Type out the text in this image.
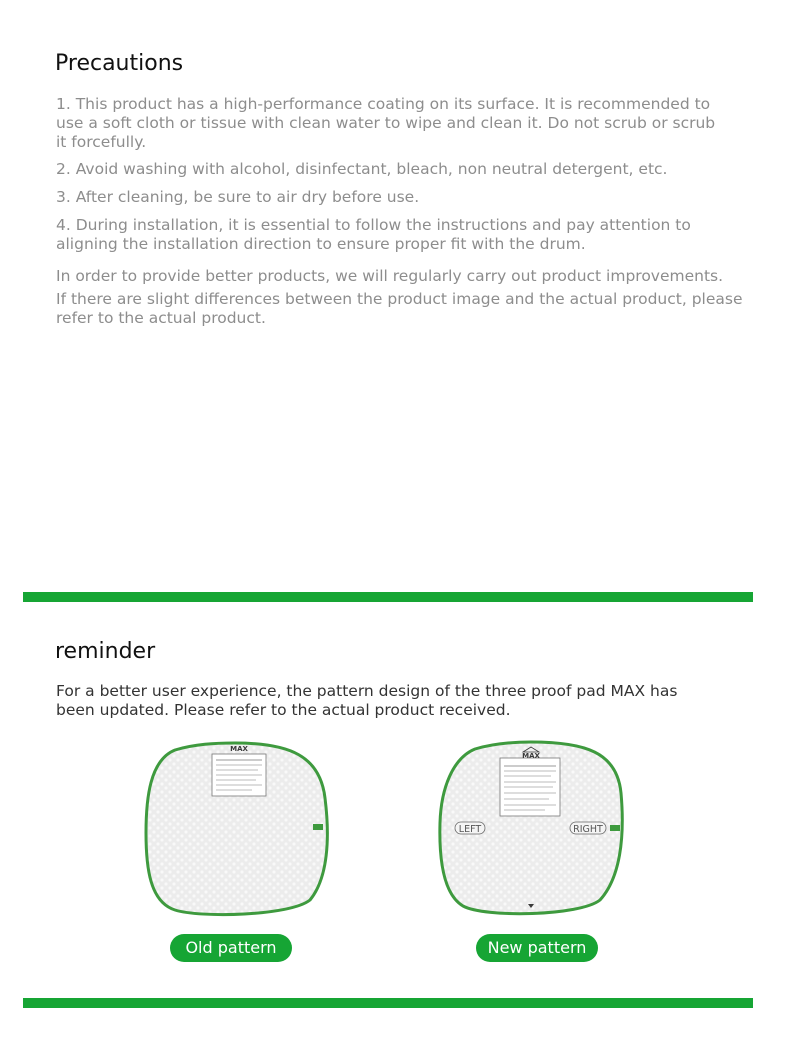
Precautions

1. This product has a high-performance coating on its surface. It is recommended to
use a soft cloth or tissue with clean water to wipe and clean it. Do not scrub or scrub
it forcefully.

2. Avoid washing with alcohol, disinfectant, bleach, non neutral detergent, etc.

3. After cleaning, be sure to air dry before use.

4. During installation, it is essential to follow the instructions and pay attention to
aligning the installation direction to ensure proper fit with the drum.

In order to provide better products, we will regularly carry out product improvements.

If there are slight differences between the product image and the actual product, please
refer to the actual product.

reminder

For a better user experience, the pattern design of the three proof pad MAX has
been updated. Please refer to the actual product received.

MAX
MAX
LEFT	RIGHT
Old pattern	New pattern
